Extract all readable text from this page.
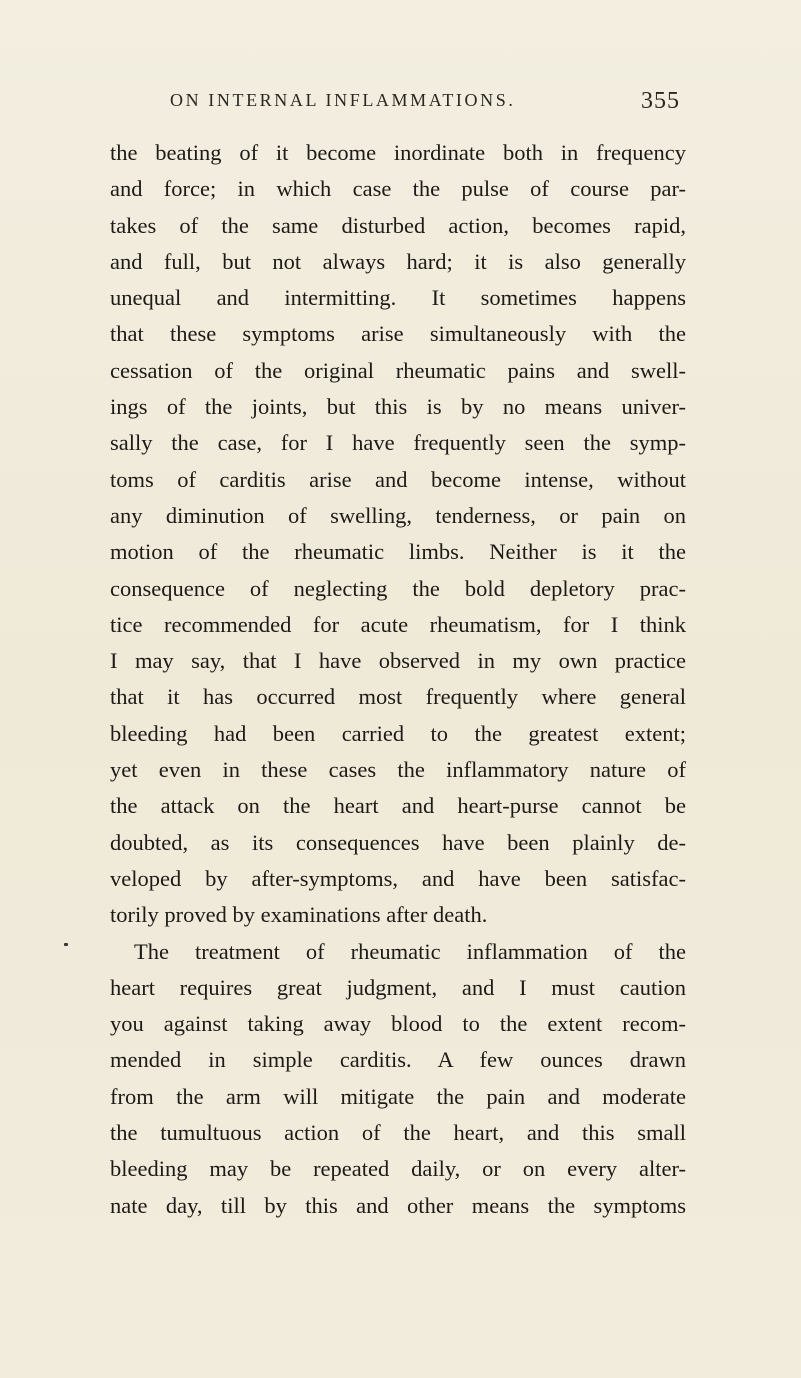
ON INTERNAL INFLAMMATIONS.	355
the beating of it become inordinate both in frequency
and force; in which case the pulse of course par-
takes of the same disturbed action, becomes rapid,
and full, but not always hard; it is also generally
unequal and intermitting. It sometimes happens
that these symptoms arise simultaneously with the
cessation of the original rheumatic pains and swell-
ings of the joints, but this is by no means univer-
sally the case, for I have frequently seen the symp-
toms of carditis arise and become intense, without
any diminution of swelling, tenderness, or pain on
motion of the rheumatic limbs. Neither is it the
consequence of neglecting the bold depletory prac-
tice recommended for acute rheumatism, for I think
I may say, that I have observed in my own practice
that it has occurred most frequently where general
bleeding had been carried to the greatest extent;
yet even in these cases the inflammatory nature of
the attack on the heart and heart-purse cannot be
doubted, as its consequences have been plainly de-
veloped by after-symptoms, and have been satisfac-
torily proved by examinations after death.
The treatment of rheumatic inflammation of the
heart requires great judgment, and I must caution
you against taking away blood to the extent recom-
mended in simple carditis. A few ounces drawn
from the arm will mitigate the pain and moderate
the tumultuous action of the heart, and this small
bleeding may be repeated daily, or on every alter-
nate day, till by this and other means the symptoms
